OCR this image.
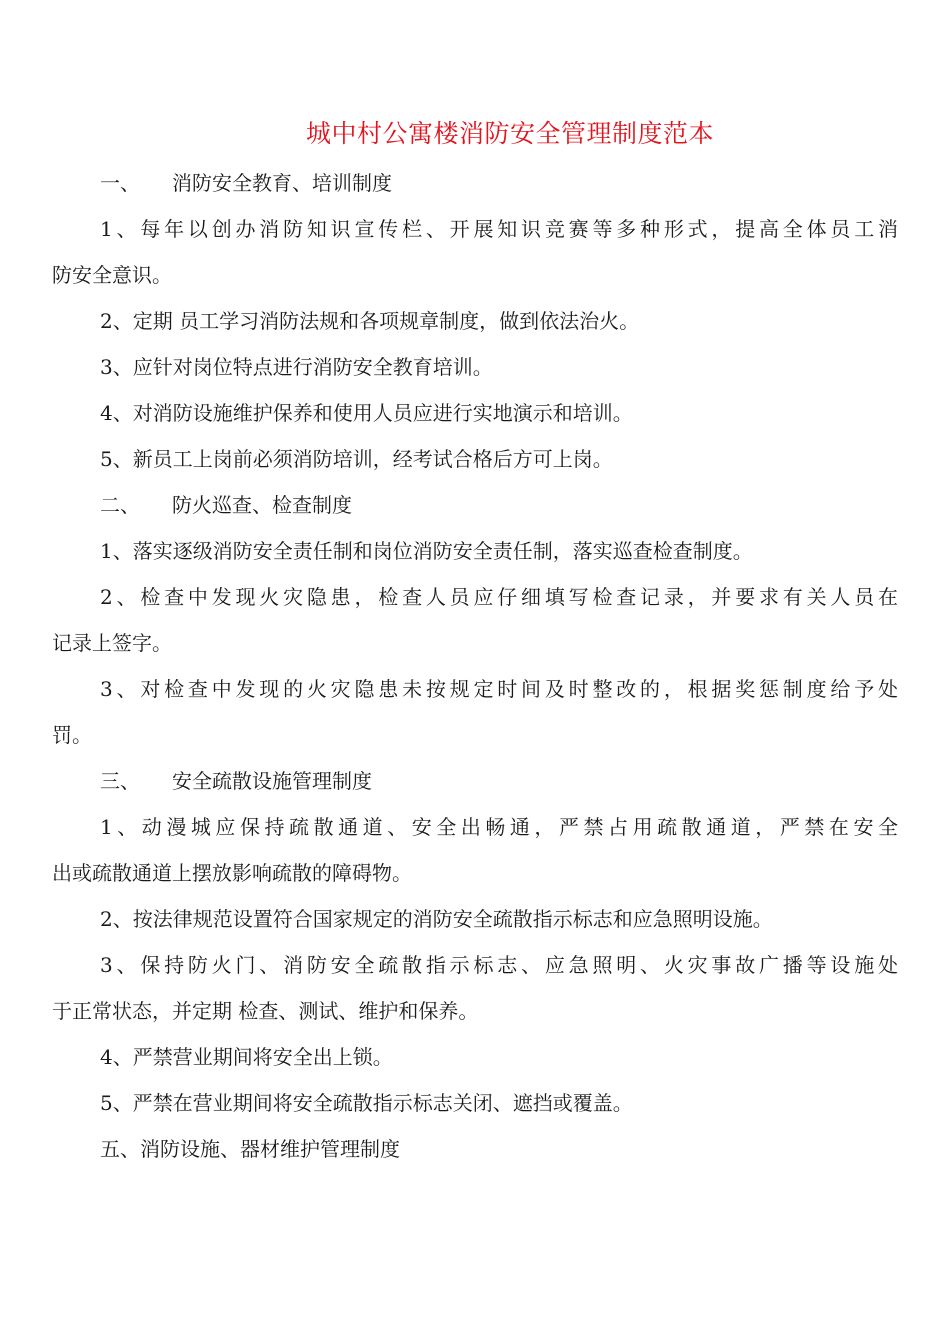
城中村公寓楼消防安全管理制度范本
一、 消防安全教育、培训制度
1、每年以创办消防知识宣传栏、开展知识竞赛等多种形式，提高全体员工消
防安全意识。
2、定期 员工学习消防法规和各项规章制度，做到依法治火。
3、应针对岗位特点进行消防安全教育培训。
4、对消防设施维护保养和使用人员应进行实地演示和培训。
5、新员工上岗前必须消防培训，经考试合格后方可上岗。
二、 防火巡查、检查制度
1、落实逐级消防安全责任制和岗位消防安全责任制，落实巡查检查制度。
2、检查中发现火灾隐患，检查人员应仔细填写检查记录，并要求有关人员在
记录上签字。
3、对检查中发现的火灾隐患未按规定时间及时整改的，根据奖惩制度给予处
罚。
三、 安全疏散设施管理制度
1、动漫城应保持疏散通道、安全出畅通，严禁占用疏散通道，严禁在安全
出或疏散通道上摆放影响疏散的障碍物。
2、按法律规范设置符合国家规定的消防安全疏散指示标志和应急照明设施。
3、保持防火门、消防安全疏散指示标志、应急照明、火灾事故广播等设施处
于正常状态，并定期 检查、测试、维护和保养。
4、严禁营业期间将安全出上锁。
5、严禁在营业期间将安全疏散指示标志关闭、遮挡或覆盖。
五、消防设施、器材维护管理制度
